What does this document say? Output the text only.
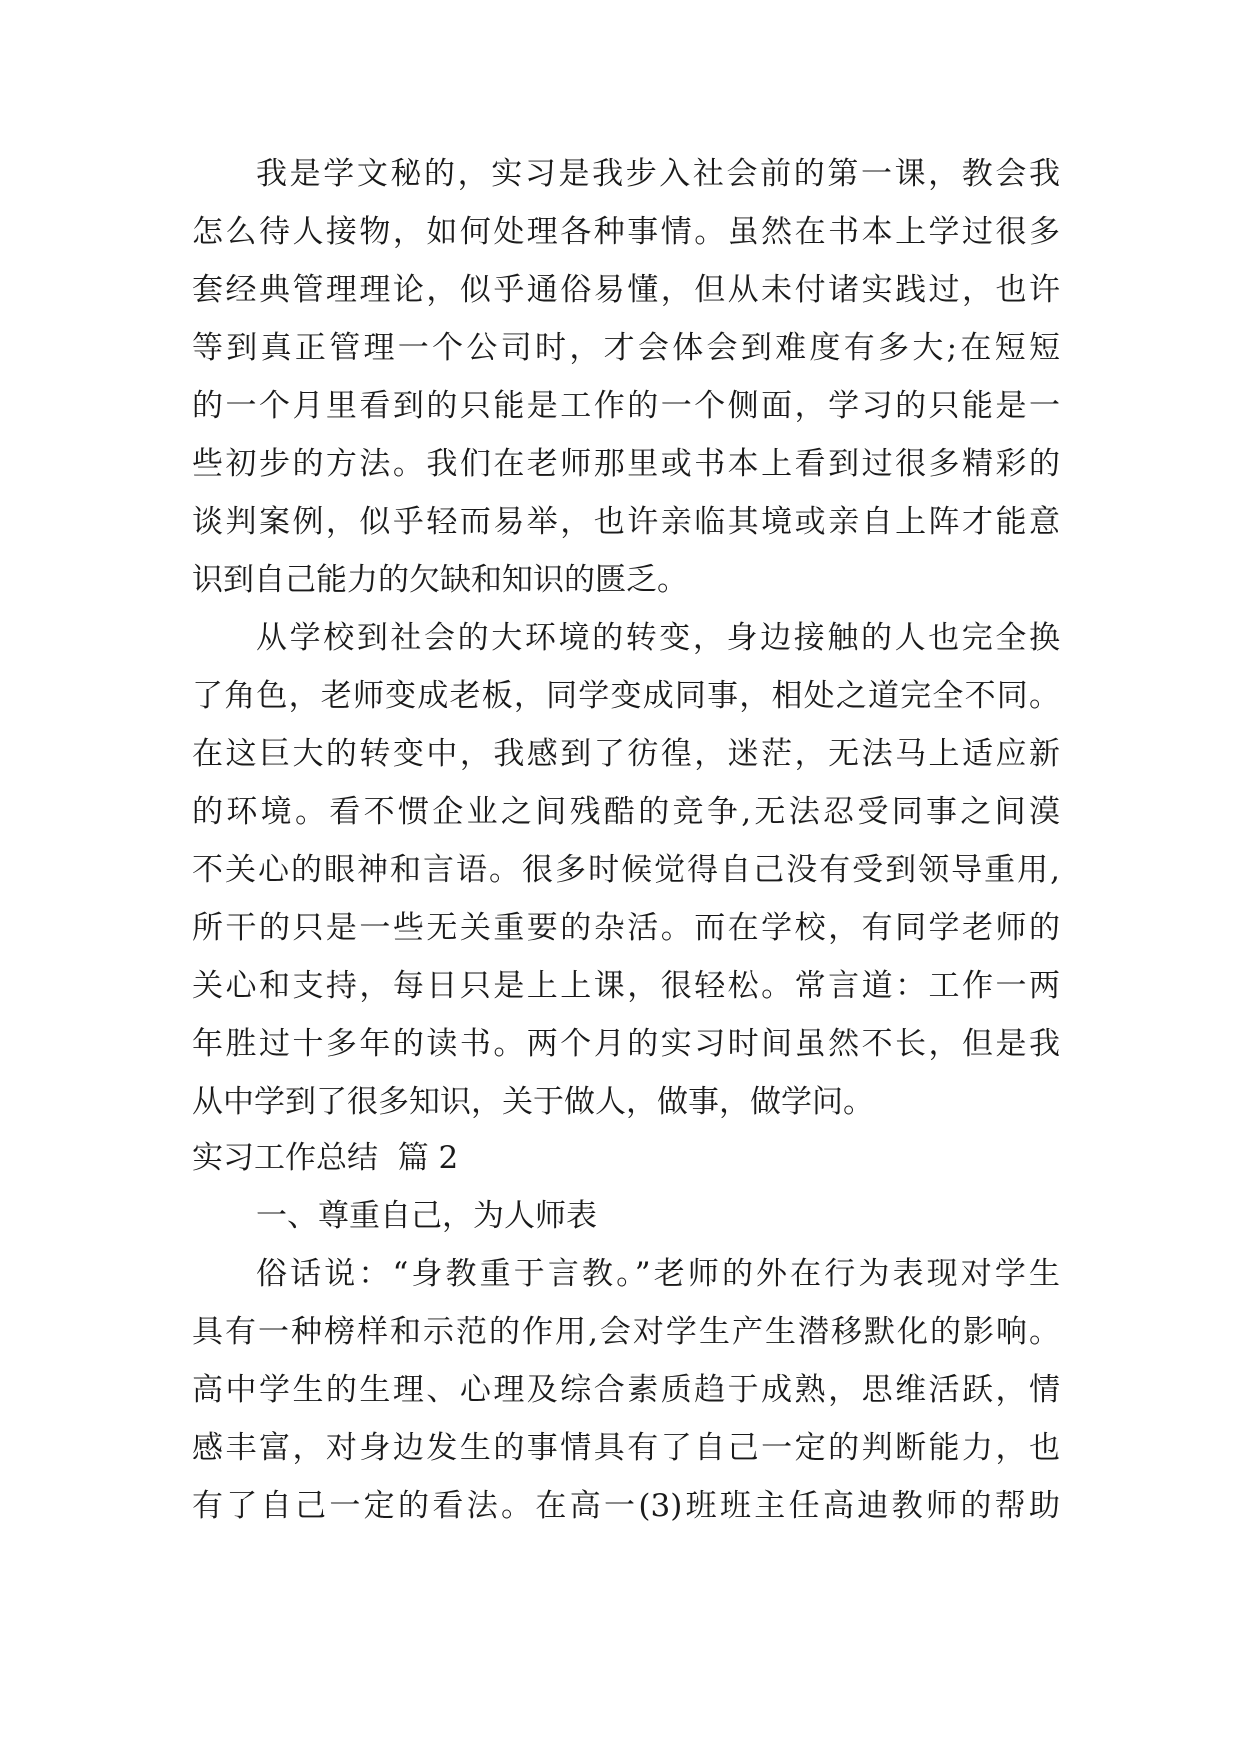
我是学文秘的，实习是我步入社会前的第一课，教会我
怎么待人接物，如何处理各种事情。虽然在书本上学过很多
套经典管理理论，似乎通俗易懂，但从未付诸实践过，也许
等到真正管理一个公司时，才会体会到难度有多大;在短短
的一个月里看到的只能是工作的一个侧面，学习的只能是一
些初步的方法。我们在老师那里或书本上看到过很多精彩的
谈判案例，似乎轻而易举，也许亲临其境或亲自上阵才能意
识到自己能力的欠缺和知识的匮乏。
从学校到社会的大环境的转变，身边接触的人也完全换
了角色，老师变成老板，同学变成同事，相处之道完全不同。
在这巨大的转变中，我感到了彷徨，迷茫，无法马上适应新
的环境。看不惯企业之间残酷的竞争,无法忍受同事之间漠
不关心的眼神和言语。很多时候觉得自己没有受到领导重用,
所干的只是一些无关重要的杂活。而在学校，有同学老师的
关心和支持，每日只是上上课，很轻松。常言道：工作一两
年胜过十多年的读书。两个月的实习时间虽然不长，但是我
从中学到了很多知识，关于做人，做事，做学问。
实习工作总结  篇 2
一、尊重自己，为人师表
俗话说：“身教重于言教。”老师的外在行为表现对学生
具有一种榜样和示范的作用,会对学生产生潜移默化的影响。
高中学生的生理、心理及综合素质趋于成熟，思维活跃，情
感丰富，对身边发生的事情具有了自己一定的判断能力，也
有了自己一定的看法。在高一(3)班班主任高迪教师的帮助
